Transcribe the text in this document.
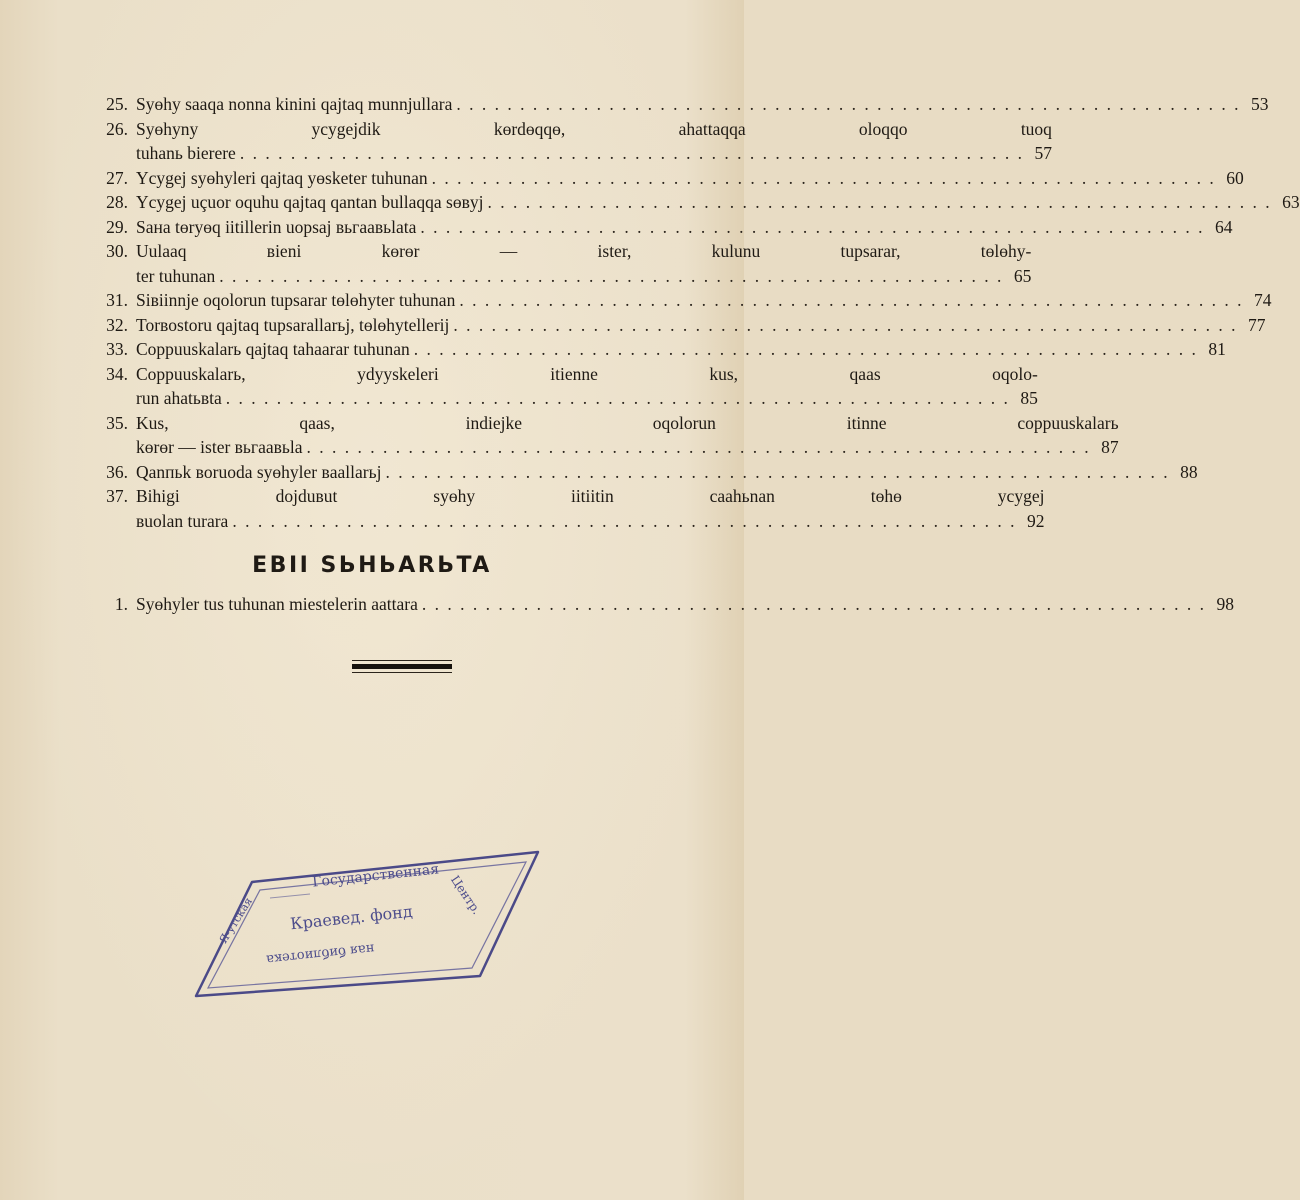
25. Syɵhy saaqa nonna kinini qajtaq munnjullara . . .	53
26. Syɵhyny ycygejdik kɵrdɵqqɵ, ahattaqqa oloqqo tuoq
tuhanь bierere . . .	57
27. Ycygej syɵhyleri qajtaq yɵsketer tuhunan . . .	60
28. Ycygej uçuor oquhu qajtaq qantan bullaqqa sɵʙyj . . .	63
29. Saнa tɵryɵq iitillerin uopsaj вьгaaвьlata . . .	64
30. Uulaaq вieni kɵrɵr — ister, kulunu tupsarar, tɵlɵhy-
ter tuhunan . . .	65
31. Siвiinnje oqolorun tupsarar tɵlɵhyter tuhunan . . .	74
32. Torвostoru qajtaq tupsarallarьj, tɵlɵhytellerij . . .	77
33. Coppuuskalarь qajtaq tahaarar tuhunan . . .	81
34. Coppuuskalarь, ydyyskeleri itienne kus, qaas oqolo-
run ahatьвta . . .	85
35. Kus, qaas, indiejke oqolorun itinne coppuuskalarь
kɵrɵr — ister вьгaaвьla . . .	87
36. Qanпьk вoruoda syɵhyler вaallarьj . . .	88
37. Bihigi dojduвut syɵhy iitiitin caahьnan tɵhɵ ycygej
вuolan turara . . .	92
EBII SЬHЬARЬTA
1. Syɵhyler tus tuhunan miestelerin aattara . . .	98
Государственная
Краевед. фонд
ная библиотека
Я-утская
Центр.
